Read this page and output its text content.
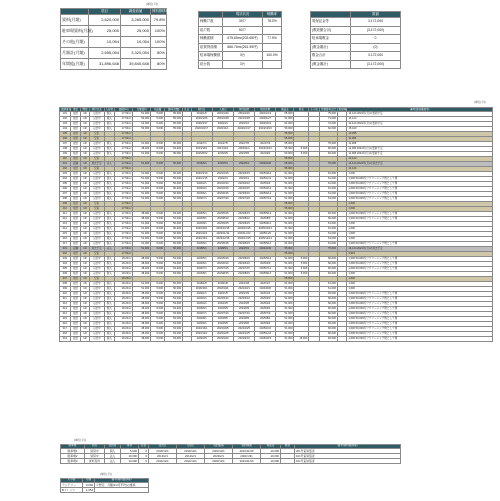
(単位:円)
	項目	調査前値	賃料推移率
賃料(月額)	2,620,000	3,265,000	79.8%
駐車場賃料(月額)	25,000	25,000	100%
その他(月額)	10,054	10,054	100%
月額計(月額)	2,655,054	3,320,054	80%
年間総(月額)	31,896,648	39,840,648	80%
	現状状況	稼働率
稼働戸数	39戸	78.0%
総戸数	50戸	
稼働面積	675.65m²(203.65坪)	77.9%
総賃貸面積	866.76m²(261.95坪)	
駐車場稼働数	3台	100.0%
総台数	3台	
	数値
現保証金等	3,172,000
(敷総額合計)	(3,172,000)
駐車場敷金	0
(敷金累計)	(0)
敷金合計	3,172,000
(敷金累計)	(3,172,000)
(単位:円)
部屋番号	用途	間取	契約状況	入居者	面積(m²)	月額賃料	共益費	賃料(月額)	礼金	契約日	入居日	契約始期	契約終期	保証金	敷金	その他	月額賃料合計	駐車場	備考(賃料推移等)
101	住居	1R	入居中	個人	17.53m²	51,000	5,000	55,000		2019/1/8	2019/1/20	2019/1/20	2021/1/19	55,000			75,000		14,124 2024年(月)の更新予定
102	住居	1R	入居中	個人	17.53m²	50,000	5,000	55,000		2019/1/26	2019/1/28	2021/1/28	2023/1/27	51,000			71,000		14,124
103	住居	1R	入居中	個人	17.53m²	51,000	5,000	56,000		2020/3/17	2020/4/1	2020/4/1	2022/3/31	51,000			72,000		14,124 2024年(月)の更新予定
104	住居	1R	入居中	個人	17.53m²	50,000	5,000	55,000		2020/10/17	2020/11/1	2022/10/17	2024/10/16	50,000			62,000		15,440
105	住居	1R	空室		17.53m²									55,000					13,095
106	住居	1R	空室		17.53m²									55,000					11,095
107	住居	1R	入居中	個人	17.53m²	51,000	5,000	56,000		2014/7/1	2014/7/5	2022/7/5	2024/7/4	55,000			76,000		11,095
108	住居	1R	入居中	個人	17.53m²	48,000	5,000	53,000		2014/10/1	2014/11/1	2022/11/1	2024/10/31	55,000	5,000		60,000		11,095 2024年(月)の更新予定
109	住居	1R	入居中	個人	17.53m²	51,000	5,000	56,000		2016/8/22	2016/9/5	2022/9/5	2024/9/4	50,000	5,000		60,000		11,095 2024年(月)の更新予定
110	住居	1R	空室		17.53m²									55,000					12,124
201	店舗	1R	退去予定	法人	17.53m²	51,000	5,000	56,000		2016/5/1	2016/5/1	2022/5/1	2024/4/30	55,000			76,000		14,124 2024年(月)の退去予定
202	住居	1R	空室		17.53m²									55,000					14,124
203	住居	1R	入居中	個人	17.53m²	51,000	5,000	56,000		2023/4/10	2023/4/15	2023/4/15	2025/4/14	61,000			61,000		1,000
204	住居	1R	入居中	個人	17.53m²	51,000	5,000	56,000		2023/1/15	2023/2/1	2023/2/1	2025/1/31	51,000			61,000		1,600 50,000円ワクリーニング費として預
205	住居	1R	入居中	個人	17.53m²	51,000	5,000	56,000		2023/2/1	2023/2/10	2023/2/10	2025/2/9	51,000			61,000		1,600 50,000円ワクリーニング費として預
206	住居	1R	入居中	個人	17.53m²	51,000	5,000	56,000		2023/4/1	2023/4/15	2023/4/15	2025/4/14	51,000			61,000		1,600 50,000円ワクリーニング費として預
207	住居	1R	入居中	個人	17.53m²	51,000	5,000	56,000		2023/6/1	2023/6/15	2023/6/15	2025/6/14	51,000			61,000		1,600 50,000円ワクリーニング費として預
208	住居	1R	入居中	個人	17.53m²	51,000	5,000	56,000		2023/7/1	2023/7/20	2023/7/20	2025/7/19	51,000			61,000		1,600 50,000円ワクリーニング費として預
209	住居	1R	空室		17.53m²									55,000					1,600
210	住居	1R	空室		17.53m²									55,000					1,600
211	住居	1R	入居中	個人	17.53m²	48,000	5,000	53,000		2023/5/1	2023/5/15	2023/5/15	2025/5/14	51,000			60,000		1,600 50,000円ワクリーニング費として預
212	住居	1R	入居中	個人	17.53m²	48,000	5,000	53,000		2023/8/1	2023/8/10	2023/8/10	2025/8/9	51,000			60,000		1,600 50,000円ワクリーニング費として預
213	住居	1R	入居中	個人	17.53m²	51,000	5,000	56,000		2023/9/1	2023/9/15	2023/9/15	2025/9/14	51,000			61,000		1,600
214	住居	1R	入居中	個人	17.53m²	51,000	5,000	56,000		2023/10/1	2023/10/15	2023/10/15	2025/10/14	51,000			61,000		1,600
215	住居	1R	入居中	個人	17.53m²	51,000	5,000	56,000		2023/11/1	2023/11/10	2023/11/10	2025/11/9	51,000			61,000		1,600
216	住居	1R	入居中	個人	17.53m²	51,000	5,000	56,000		2023/12/1	2023/12/15	2023/12/15	2025/12/14	51,000			61,000		1,600
217	住居	1R	入居中	個人	17.53m²	51,000	5,000	56,000		2023/5/1	2023/5/15	2023/5/15	2025/5/14	51,000			61,000		1,600 50,000円ワクリーニング費として預
301	店舗	1R	退去予定	法人	17.53m²	51,000	5,000	56,000		2018/5/1	2018/5/1	2022/5/1	2024/4/30	55,000			75,000		14,124 2024年(月)の退去予定
302	住居	1R	空室		17.53m²									55,000					3,915
303	住居	1R	入居中	個人	18.20m²	48,000	5,000	53,000		2023/5/1	2023/5/15	2023/5/15	2025/5/14	51,000	5,000		60,000		1,600 50,000円ワクリーニング費として預
304	住居	1R	入居中	個人	18.20m²	48,000	5,000	53,000		2023/6/1	2023/6/10	2023/6/10	2025/6/9	51,000	5,000		60,000		1,600 50,000円ワクリーニング費として預
305	住居	1R	入居中	個人	18.20m²	48,000	5,000	53,000		2023/7/1	2023/7/15	2023/7/15	2025/7/14	51,000	5,000		60,000		1,600 50,000円ワクリーニング費として預
306	住居	1R	入居中	個人	18.20m²	48,000	5,000	53,000		2023/8/1	2023/8/15	2023/8/15	2025/8/14	51,000	5,000		60,000		1,600
307	住居	1R	空室		18.20m²									55,000					1,600
308	住居	1R	入居中	個人	18.20m²	51,000	5,000	56,000		2018/1/8	2018/1/8	2024/1/8	2026/1/7	51,000			61,000		1,600
309	住居	1R	入居中	個人	18.20m²	51,000	5,000	56,000		2018/10/1	2018/10/1	2022/10/1	2024/9/30	51,000			61,000		1,600
310	住居	1R	入居中	個人	18.20m²	48,000	5,000	53,000		2023/1/1	2023/1/5	2023/1/5	2025/1/4	51,000			60,000		1,600 50,000円ワクリーニング費として預
311	住居	1R	入居中	個人	18.20m²	48,000	5,000	53,000		2023/3/1	2023/3/10	2023/3/10	2025/3/9	51,000			60,000		1,600 50,000円ワクリーニング費として預
312	住居	1R	入居中	個人	18.20m²	48,000	5,000	53,000		2023/4/1	2023/4/5	2023/4/5	2025/4/4	51,000			60,000		1,600 50,000円ワクリーニング費として預
313	住居	1R	入居中	個人	18.20m²	48,000	5,000	53,000		2023/6/1	2023/6/5	2023/6/5	2025/6/4	51,000			60,000		1,600 50,000円ワクリーニング費として預
314	住居	1R	入居中	個人	18.20m²	48,000	5,000	53,000		2023/7/1	2023/7/10	2023/7/10	2025/7/9	51,000			60,000		1,600 50,000円ワクリーニング費として預
315	住居	1R	入居中	個人	18.20m²	48,000	5,000	53,000		2023/8/1	2023/8/5	2023/8/5	2025/8/4	51,000			60,000		1,600 50,000円ワクリーニング費として預
316	住居	1R	入居中	個人	18.20m²	48,000	5,000	53,000		2023/9/1	2023/9/5	2023/9/5	2025/9/4	51,000			60,000		1,600 50,000円ワクリーニング費として預
317	住居	1R	入居中	個人	18.20m²	48,000	5,000	53,000		2023/10/1	2023/10/5	2023/10/5	2025/10/4	51,000			60,000		1,600 50,000円ワクリーニング費として預
318	住居	1R	入居中	個人	18.20m²	48,000	5,000	53,000		2023/12/1	2023/12/5	2023/12/5	2025/12/4	51,000			60,000		1,600 50,000円ワクリーニング費として預
319	住居	1R	入居中	個人	18.20m²	48,000	5,000	53,000		2023/3/5	2023/3/16	2023/3/16	2025/3/15	51,000	15,000		60,000		1,600 50,000円ワクリーニング費として預
(単位:円)
駐車場	状況	契約者	賃料	礼金	契約日	入居日	契約始期	契約終期	保証金	敷金	備考(賃料推移等)
駐車場1	賃貸中	個人	5,000	0	2019/12/1	2019/12/1	2023/12/1	2024/11/30	10,000		201号室賃借者
駐車場2	賃貸中	法人	10,000	0	2013/2/1	2013/2/1	2023/2/1	2024/1/31	10,000		101号室賃借者
駐車場3	賃料有料	法人	10,000	0	2014/12/1	2014/12/1	2023/12/1	2024/11/30	10,000		101号室賃借者
(単位:円)
その他	月額	備考(賃料推移等)
ランドリー	9,000	※想定、月額(1/4月平均)の推移、
Bフレッツ	1,054	
